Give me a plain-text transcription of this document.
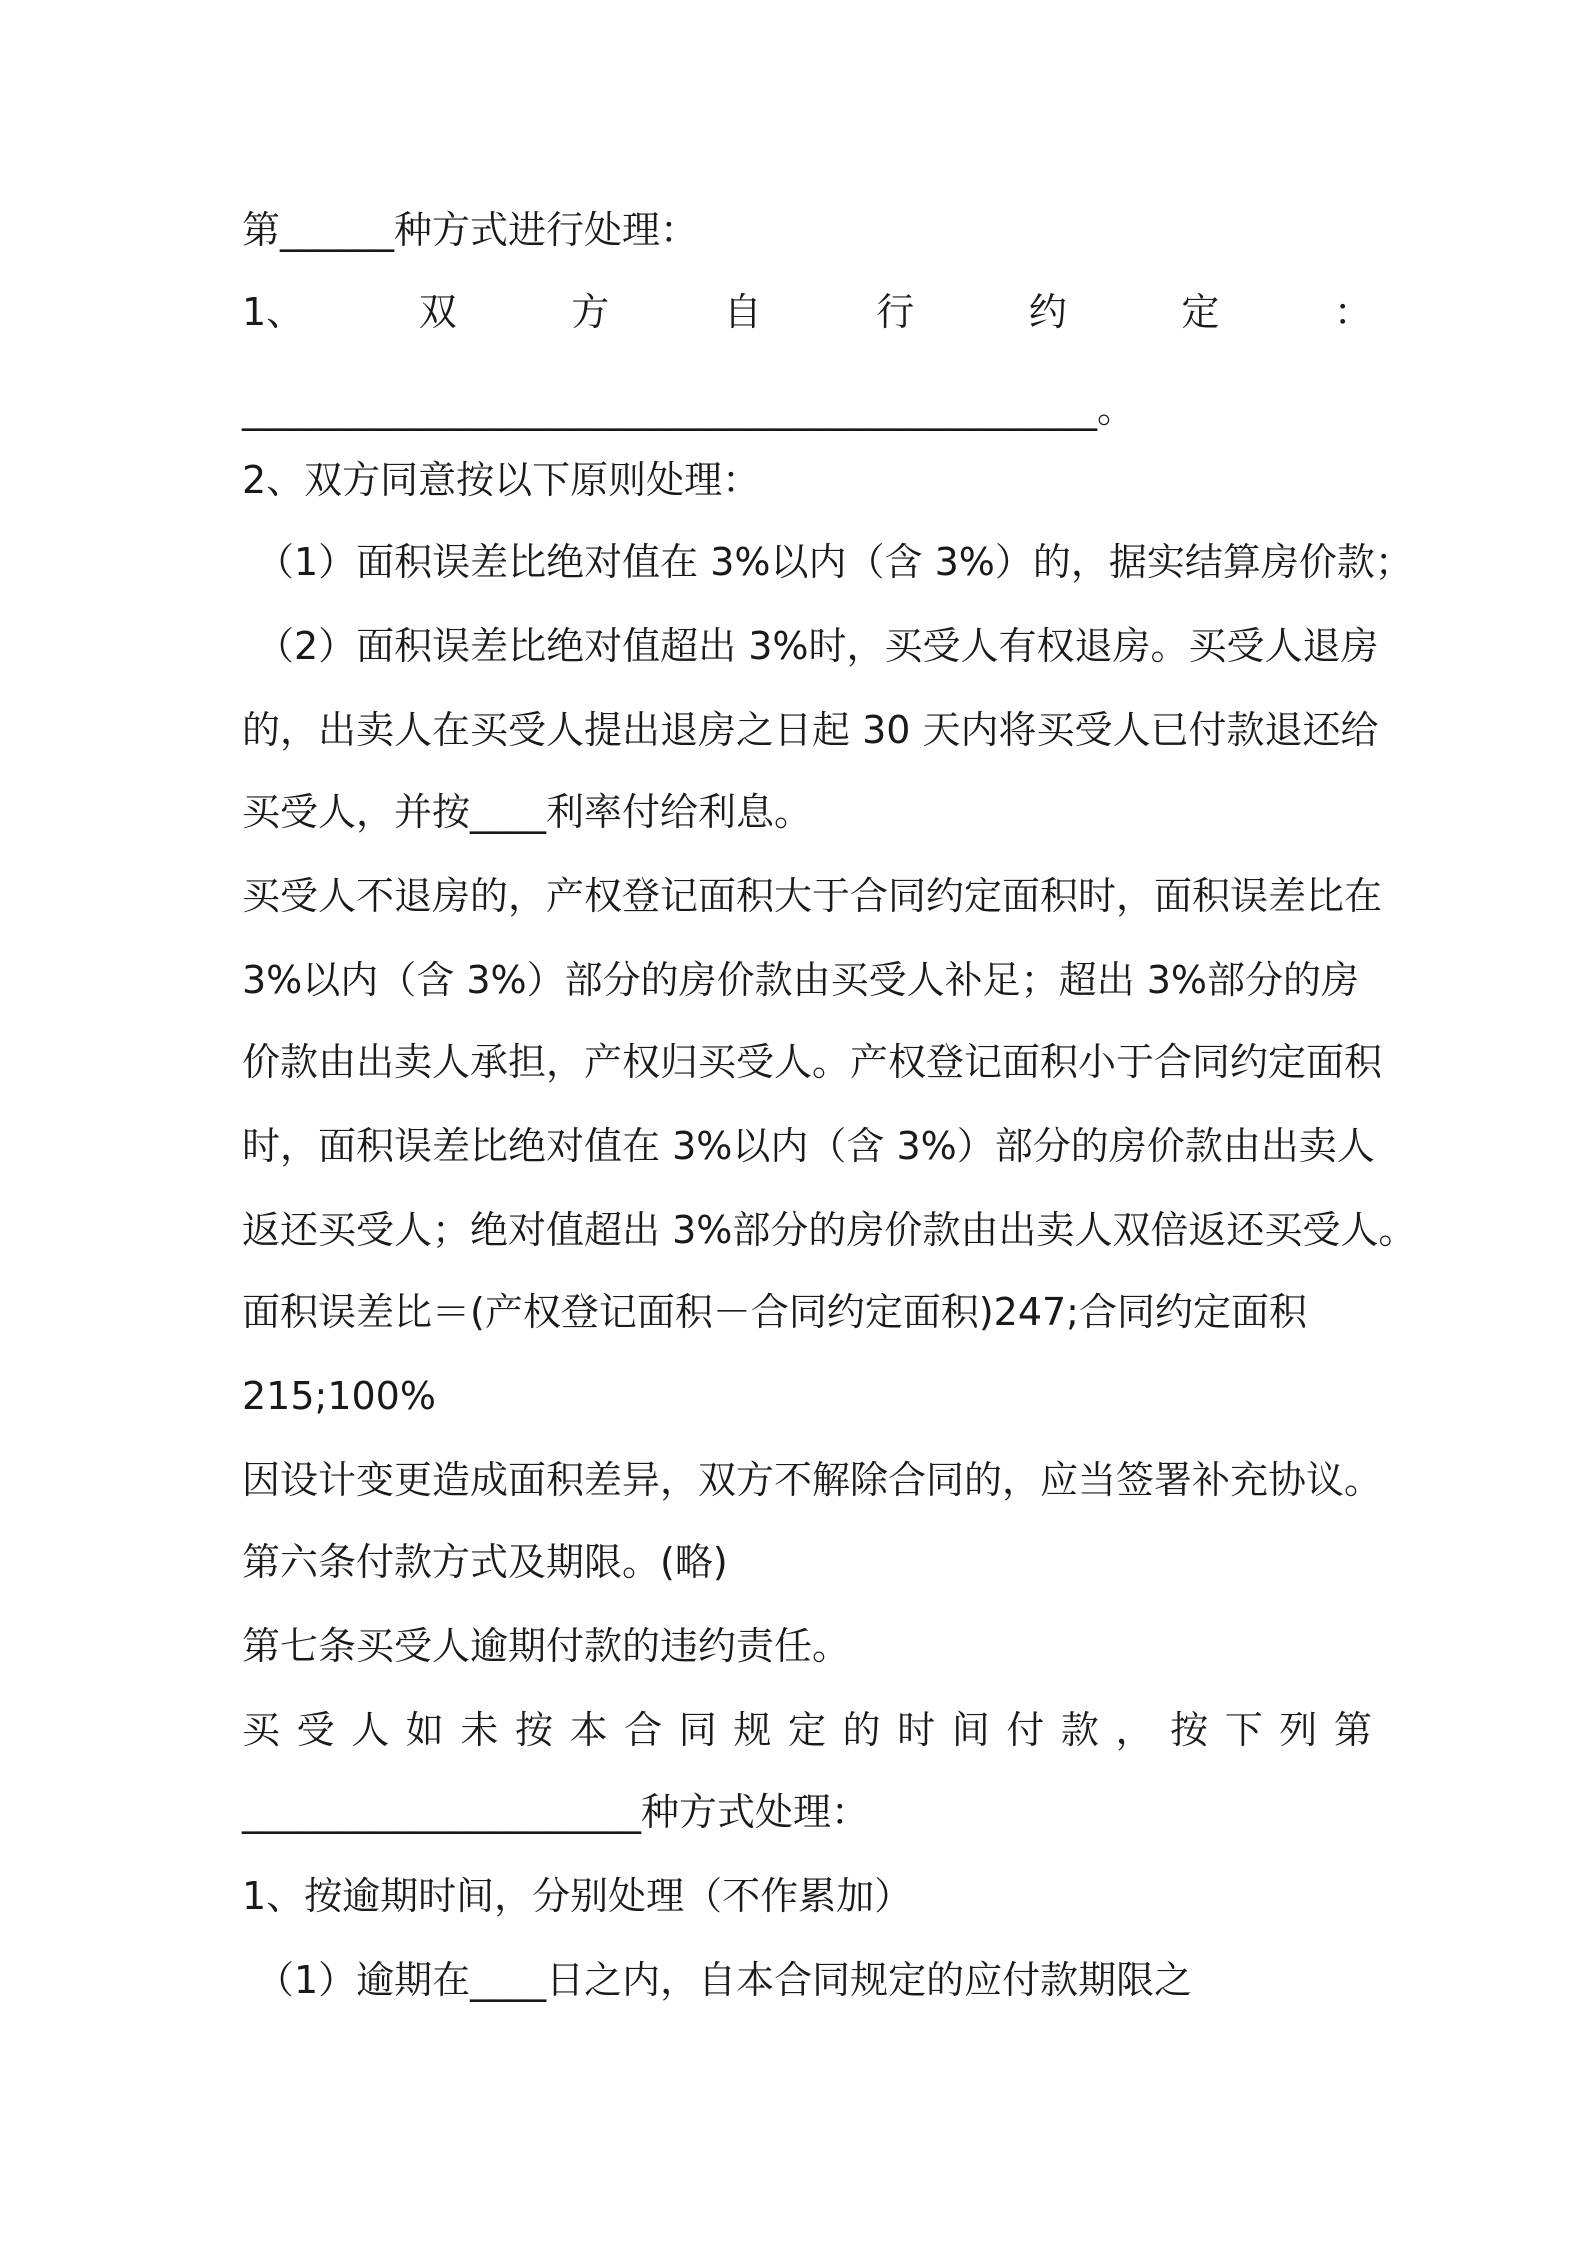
第______种方式进行处理：
1、	双	方	自	行	约	定	：
_____________________________________________。
2、双方同意按以下原则处理：
（1）面积误差比绝对值在 3%以内（含 3%）的，据实结算房价款；
（2）面积误差比绝对值超出 3%时，买受人有权退房。买受人退房
的，出卖人在买受人提出退房之日起 30 天内将买受人已付款退还给
买受人，并按____利率付给利息。
买受人不退房的，产权登记面积大于合同约定面积时，面积误差比在
3%以内（含 3%）部分的房价款由买受人补足；超出 3%部分的房
价款由出卖人承担，产权归买受人。产权登记面积小于合同约定面积
时，面积误差比绝对值在 3%以内（含 3%）部分的房价款由出卖人
返还买受人；绝对值超出 3%部分的房价款由出卖人双倍返还买受人。
面积误差比＝(产权登记面积－合同约定面积)247;合同约定面积
215;100%
因设计变更造成面积差异，双方不解除合同的，应当签署补充协议。
第六条付款方式及期限。(略)
第七条买受人逾期付款的违约责任。
买 受 人 如 未 按 本 合 同 规 定 的 时 间 付 款 ， 按 下 列 第
_____________________种方式处理：
1、按逾期时间，分别处理（不作累加）
（1）逾期在____日之内，自本合同规定的应付款期限之
